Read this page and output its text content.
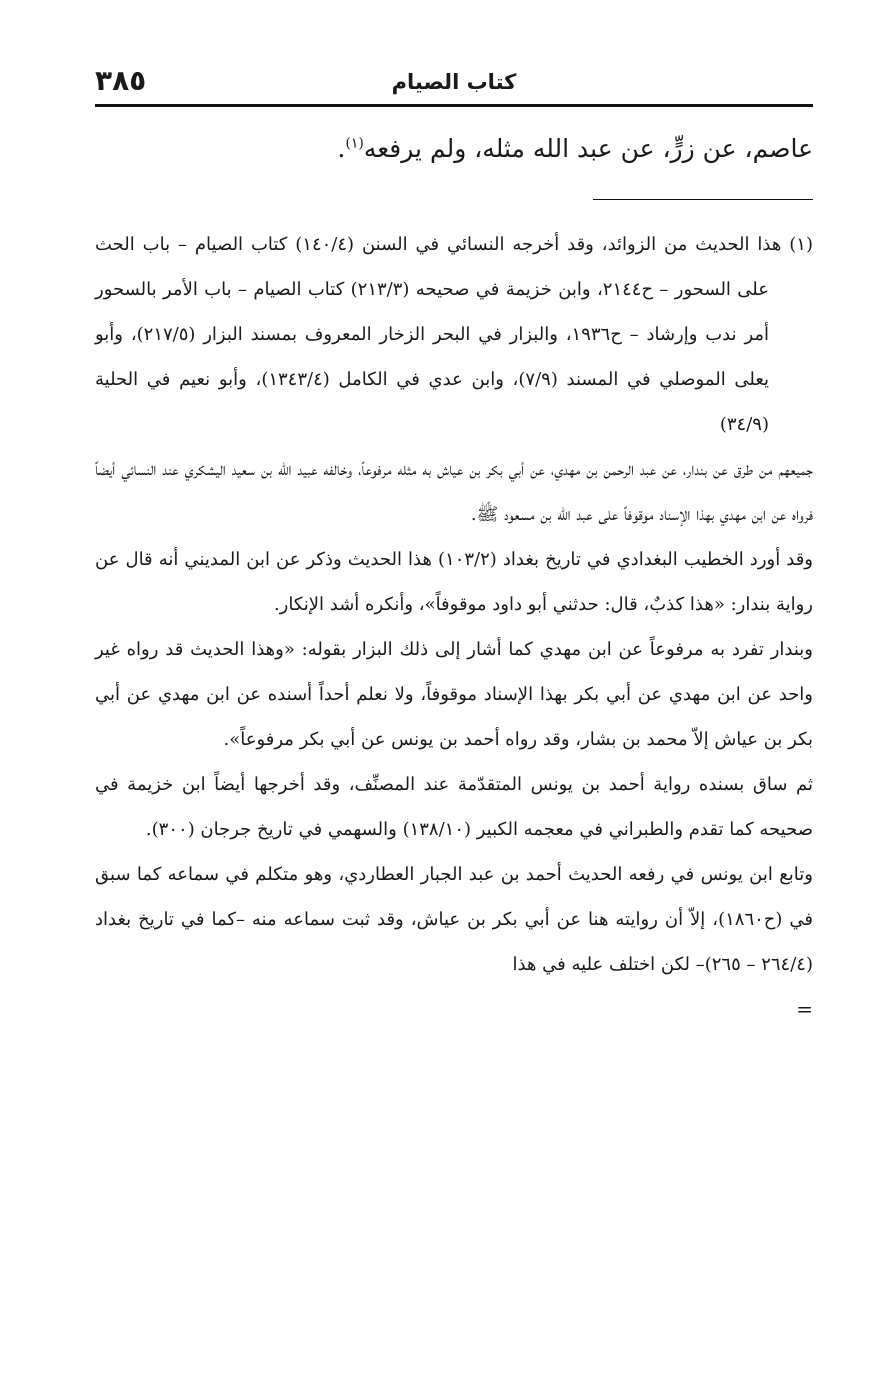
كتاب الصيام
٣٨٥
عاصم، عن زرٍّ، عن عبد الله مثله، ولم يرفعه$^{(١)}$.

(١) هذا الحديث من الزوائد، وقد أخرجه النسائي في السنن (١٤٠/٤) كتاب الصيام – باب الحث على السحور – ح٢١٤٤، وابن خزيمة في صحيحه (٢١٣/٣) كتاب الصيام – باب الأمر بالسحور أمر ندب وإرشاد – ح١٩٣٦، والبزار في البحر الزخار المعروف بمسند البزار (٢١٧/٥)، وأبو يعلى الموصلي في المسند (٧/٩)، وابن عدي في الكامل (١٣٤٣/٤)، وأبو نعيم في الحلية (٣٤/٩)

جميعهم من طرق عن بندار، عن عبد الرحمن بن مهدي، عن أبي بكر بن عياش به مثله مرفوعاً، وخالفه عبيد الله بن سعيد اليشكري عند النسائي أيضاً فرواه عن ابن مهدي بهذا الإسناد موقوفاً على عبد الله بن مسعود ﷺ.

وقد أورد الخطيب البغدادي في تاريخ بغداد (١٠٣/٢) هذا الحديث وذكر عن ابن المديني أنه قال عن رواية بندار: «هذا كذبٌ، قال: حدثني أبو داود موقوفاً»، وأنكره أشد الإنكار.

وبندار تفرد به مرفوعاً عن ابن مهدي كما أشار إلى ذلك البزار بقوله: «وهذا الحديث قد رواه غير واحد عن ابن مهدي عن أبي بكر بهذا الإسناد موقوفاً، ولا نعلم أحداً أسنده عن ابن مهدي عن أبي بكر بن عياش إلاّ محمد بن بشار، وقد رواه أحمد بن يونس عن أبي بكر مرفوعاً».

ثم ساق بسنده رواية أحمد بن يونس المتقدّمة عند المصنِّف، وقد أخرجها أيضاً ابن خزيمة في صحيحه كما تقدم والطبراني في معجمه الكبير (١٣٨/١٠) والسهمي في تاريخ جرجان (٣٠٠).

وتابع ابن يونس في رفعه الحديث أحمد بن عبد الجبار العطاردي، وهو متكلم في سماعه كما سبق في (ح١٨٦٠)، إلاّ أن روايته هنا عن أبي بكر بن عياش، وقد ثبت سماعه منه –كما في تاريخ بغداد (٢٦٤/٤ – ٢٦٥)– لكن اختلف عليه في هذا

=
